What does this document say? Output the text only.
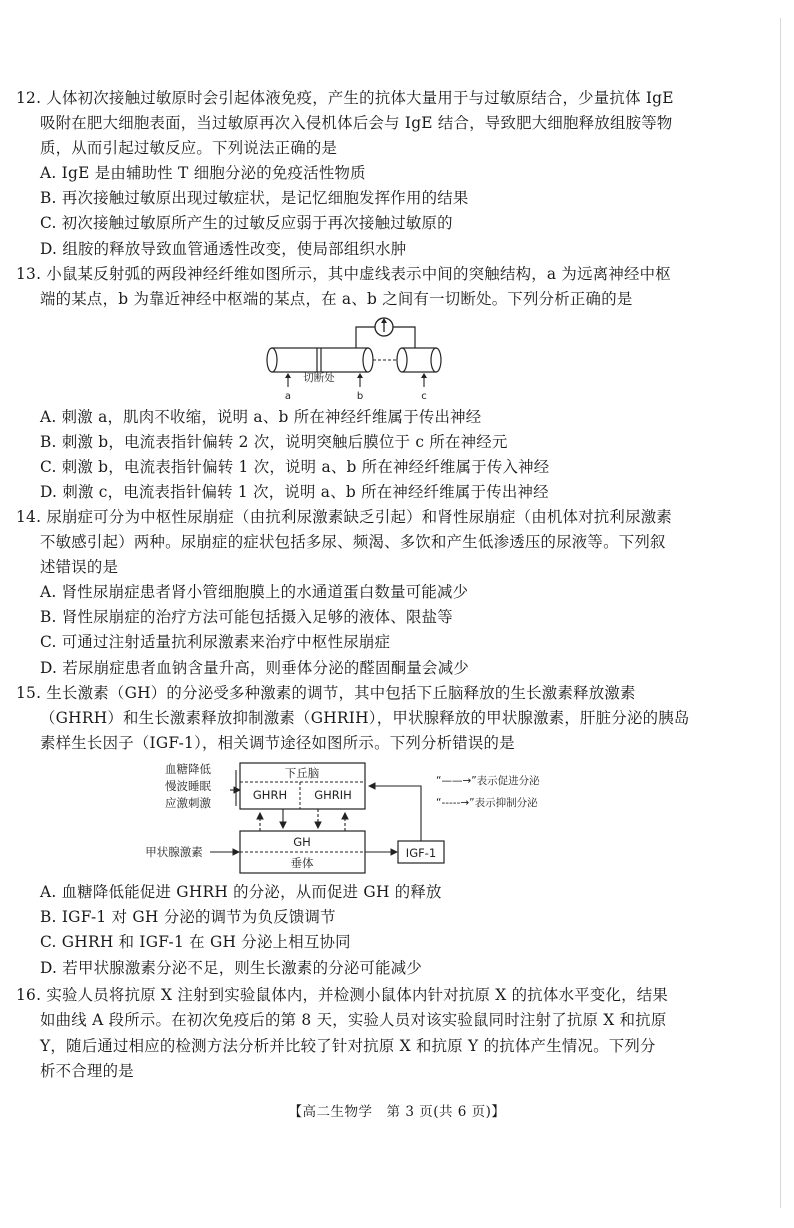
12. 人体初次接触过敏原时会引起体液免疫，产生的抗体大量用于与过敏原结合，少量抗体 IgE
吸附在肥大细胞表面，当过敏原再次入侵机体后会与 IgE 结合，导致肥大细胞释放组胺等物
质，从而引起过敏反应。下列说法正确的是
A. IgE 是由辅助性 T 细胞分泌的免疫活性物质
B. 再次接触过敏原出现过敏症状，是记忆细胞发挥作用的结果
C. 初次接触过敏原所产生的过敏反应弱于再次接触过敏原的
D. 组胺的释放导致血管通透性改变，使局部组织水肿
13. 小鼠某反射弧的两段神经纤维如图所示，其中虚线表示中间的突触结构，a 为远离神经中枢
端的某点，b 为靠近神经中枢端的某点，在 a、b 之间有一切断处。下列分析正确的是
切断处
a	b	c
A. 刺激 a，肌肉不收缩，说明 a、b 所在神经纤维属于传出神经
B. 刺激 b，电流表指针偏转 2 次，说明突触后膜位于 c 所在神经元
C. 刺激 b，电流表指针偏转 1 次，说明 a、b 所在神经纤维属于传入神经
D. 刺激 c，电流表指针偏转 1 次，说明 a、b 所在神经纤维属于传出神经
14. 尿崩症可分为中枢性尿崩症（由抗利尿激素缺乏引起）和肾性尿崩症（由机体对抗利尿激素
不敏感引起）两种。尿崩症的症状包括多尿、频渴、多饮和产生低渗透压的尿液等。下列叙
述错误的是
A. 肾性尿崩症患者肾小管细胞膜上的水通道蛋白数量可能减少
B. 肾性尿崩症的治疗方法可能包括摄入足够的液体、限盐等
C. 可通过注射适量抗利尿激素来治疗中枢性尿崩症
D. 若尿崩症患者血钠含量升高，则垂体分泌的醛固酮量会减少
15. 生长激素（GH）的分泌受多种激素的调节，其中包括下丘脑释放的生长激素释放激素
（GHRH）和生长激素释放抑制激素（GHRIH），甲状腺释放的甲状腺激素，肝脏分泌的胰岛
素样生长因子（IGF-1），相关调节途径如图所示。下列分析错误的是
血糖降低
慢波睡眠
应激刺激
下丘脑
GHRH GHRIH
GH
垂体
甲状腺激素	IGF-1
“——→”表示促进分泌
“-----→”表示抑制分泌
A. 血糖降低能促进 GHRH 的分泌，从而促进 GH 的释放
B. IGF-1 对 GH 分泌的调节为负反馈调节
C. GHRH 和 IGF-1 在 GH 分泌上相互协同
D. 若甲状腺激素分泌不足，则生长激素的分泌可能减少
16. 实验人员将抗原 X 注射到实验鼠体内，并检测小鼠体内针对抗原 X 的抗体水平变化，结果
如曲线 A 段所示。在初次免疫后的第 8 天，实验人员对该实验鼠同时注射了抗原 X 和抗原
Y，随后通过相应的检测方法分析并比较了针对抗原 X 和抗原 Y 的抗体产生情况。下列分
析不合理的是
【高二生物学　第 3 页(共 6 页)】
